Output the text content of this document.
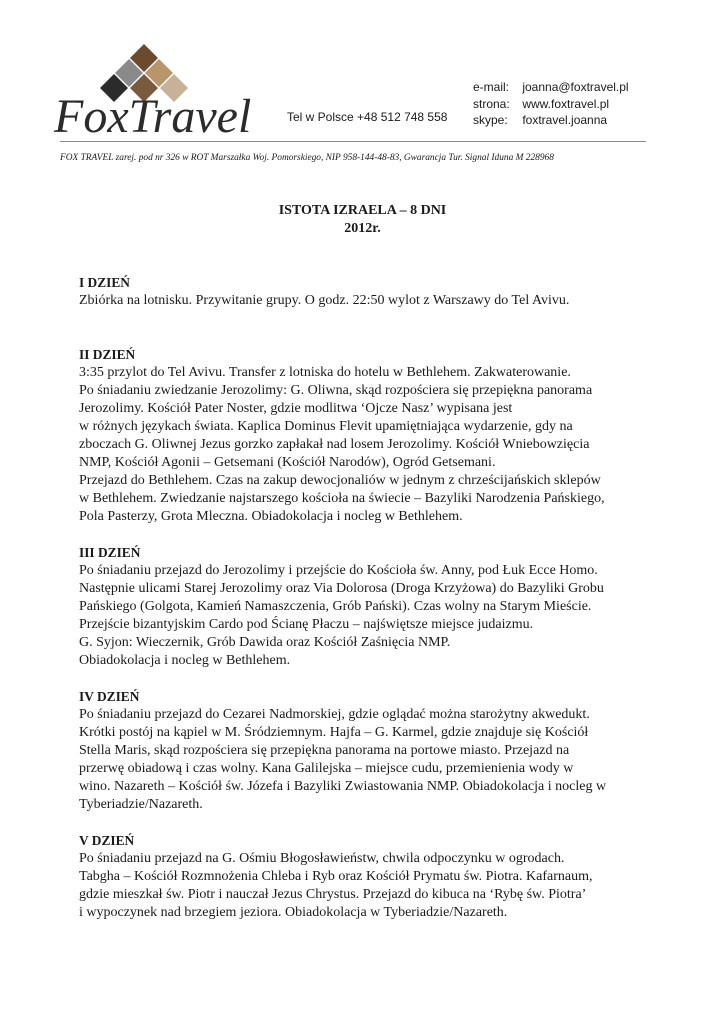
FoxTravel	Tel w Polsce +48 512 748 558
e-mail: joanna@foxtravel.pl
strona: www.foxtravel.pl
skype: foxtravel.joanna
FOX TRAVEL zarej. pod nr 326 w ROT Marszałka Woj. Pomorskiego, NIP 958-144-48-83, Gwarancja Tur. Signal Iduna M 228968
ISTOTA IZRAELA – 8 DNI
2012r.
I DZIEŃ
Zbiórka na lotnisku. Przywitanie grupy. O godz. 22:50 wylot z Warszawy do Tel Avivu.
II DZIEŃ
3:35 przylot do Tel Avivu. Transfer z lotniska do hotelu w Bethlehem. Zakwaterowanie.
Po śniadaniu zwiedzanie Jerozolimy: G. Oliwna, skąd rozpościera się przepiękna panorama
Jerozolimy. Kościół Pater Noster, gdzie modlitwa ‘Ojcze Nasz’ wypisana jest
w różnych językach świata. Kaplica Dominus Flevit upamiętniająca wydarzenie, gdy na
zboczach G. Oliwnej Jezus gorzko zapłakał nad losem Jerozolimy. Kościół Wniebowzięcia
NMP, Kościół Agonii – Getsemani (Kościół Narodów), Ogród Getsemani.
Przejazd do Bethlehem. Czas na zakup dewocjonaliów w jednym z chrześcijańskich sklepów
w Bethlehem. Zwiedzanie najstarszego kościoła na świecie – Bazyliki Narodzenia Pańskiego,
Pola Pasterzy, Grota Mleczna. Obiadokolacja i nocleg w Bethlehem.
III DZIEŃ
Po śniadaniu przejazd do Jerozolimy i przejście do Kościoła św. Anny, pod Łuk Ecce Homo.
Następnie ulicami Starej Jerozolimy oraz Via Dolorosa (Droga Krzyżowa) do Bazyliki Grobu
Pańskiego (Golgota, Kamień Namaszczenia, Grób Pański). Czas wolny na Starym Mieście.
Przejście bizantyjskim Cardo pod Ścianę Płaczu – najświętsze miejsce judaizmu.
G. Syjon: Wieczernik, Grób Dawida oraz Kościół Zaśnięcia NMP.
Obiadokolacja i nocleg w Bethlehem.
IV DZIEŃ
Po śniadaniu przejazd do Cezarei Nadmorskiej, gdzie oglądać można starożytny akwedukt.
Krótki postój na kąpiel w M. Śródziemnym. Hajfa – G. Karmel, gdzie znajduje się Kościół
Stella Maris, skąd rozpościera się przepiękna panorama na portowe miasto. Przejazd na
przerwę obiadową i czas wolny. Kana Galilejska – miejsce cudu, przemienienia wody w
wino. Nazareth – Kościół św. Józefa i Bazyliki Zwiastowania NMP. Obiadokolacja i nocleg w
Tyberiadzie/Nazareth.
V DZIEŃ
Po śniadaniu przejazd na G. Ośmiu Błogosławieństw, chwila odpoczynku w ogrodach.
Tabgha – Kościół Rozmnożenia Chleba i Ryb oraz Kościół Prymatu św. Piotra. Kafarnaum,
gdzie mieszkał św. Piotr i nauczał Jezus Chrystus. Przejazd do kibuca na ‘Rybę św. Piotra’
i wypoczynek nad brzegiem jeziora. Obiadokolacja w Tyberiadzie/Nazareth.
